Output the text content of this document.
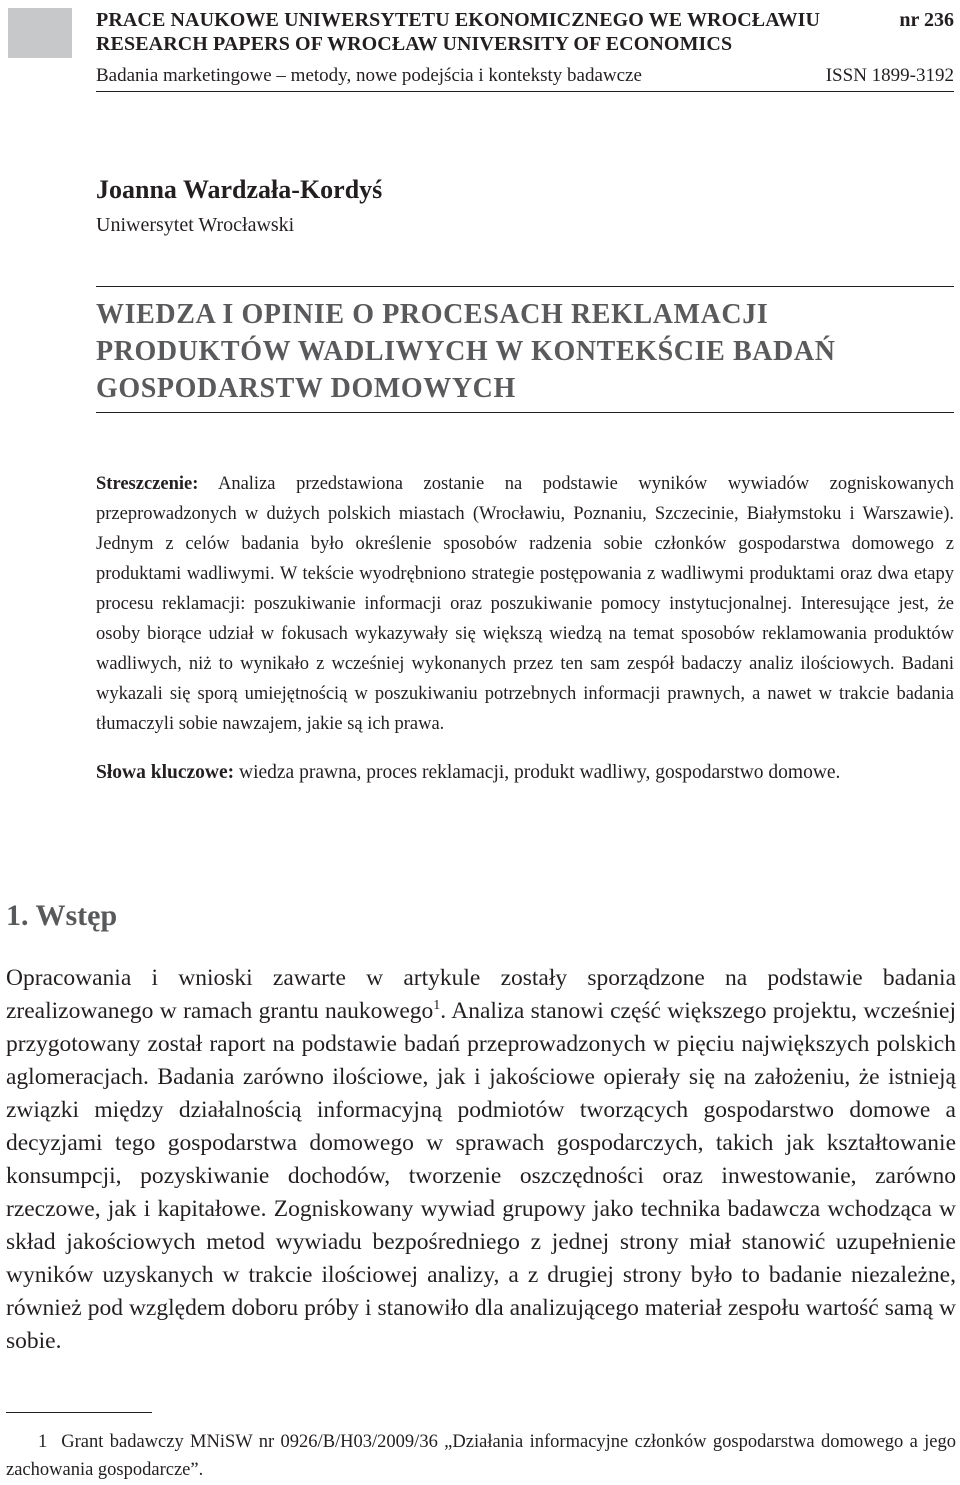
PRACE NAUKOWE UNIWERSYTETU EKONOMICZNEGO WE WROCŁAWIU
RESEARCH PAPERS OF WROCŁAW UNIVERSITY OF ECONOMICS
nr 236
Badania marketingowe – metody, nowe podejścia i konteksty badawcze	ISSN 1899-3192
Joanna Wardzała-Kordyś
Uniwersytet Wrocławski
WIEDZA I OPINIE O PROCESACH REKLAMACJI
PRODUKTÓW WADLIWYCH W KONTEKŚCIE BADAŃ
GOSPODARSTW DOMOWYCH
Streszczenie: Analiza przedstawiona zostanie na podstawie wyników wywiadów zogniskowanych przeprowadzonych w dużych polskich miastach (Wrocławiu, Poznaniu, Szczecinie, Białymstoku i Warszawie). Jednym z celów badania było określenie sposobów radzenia sobie członków gospodarstwa domowego z produktami wadliwymi. W tekście wyodrębniono strategie postępowania z wadliwymi produktami oraz dwa etapy procesu reklamacji: poszukiwanie informacji oraz poszukiwanie pomocy instytucjonalnej. Interesujące jest, że osoby biorące udział w fokusach wykazywały się większą wiedzą na temat sposobów reklamowania produktów wadliwych, niż to wynikało z wcześniej wykonanych przez ten sam zespół badaczy analiz ilościowych. Badani wykazali się sporą umiejętnością w poszukiwaniu potrzebnych informacji prawnych, a nawet w trakcie badania tłumaczyli sobie nawzajem, jakie są ich prawa.
Słowa kluczowe: wiedza prawna, proces reklamacji, produkt wadliwy, gospodarstwo domowe.
1. Wstęp
Opracowania i wnioski zawarte w artykule zostały sporządzone na podstawie badania zrealizowanego w ramach grantu naukowego$^1$. Analiza stanowi część większego projektu, wcześniej przygotowany został raport na podstawie badań przeprowadzonych w pięciu największych polskich aglomeracjach. Badania zarówno ilościowe, jak i jakościowe opierały się na założeniu, że istnieją związki między działalnością informacyjną podmiotów tworzących gospodarstwo domowe a decyzjami tego gospodarstwa domowego w sprawach gospodarczych, takich jak kształtowanie konsumpcji, pozyskiwanie dochodów, tworzenie oszczędności oraz inwestowanie, zarówno rzeczowe, jak i kapitałowe. Zogniskowany wywiad grupowy jako technika badawcza wchodząca w skład jakościowych metod wywiadu bezpośredniego z jednej strony miał stanowić uzupełnienie wyników uzyskanych w trakcie ilościowej analizy, a z drugiej strony było to badanie niezależne, również pod względem doboru próby i stanowiło dla analizującego materiał zespołu wartość samą w sobie.
1 Grant badawczy MNiSW nr 0926/B/H03/2009/36 „Działania informacyjne członków gospodarstwa domowego a jego zachowania gospodarcze”.
